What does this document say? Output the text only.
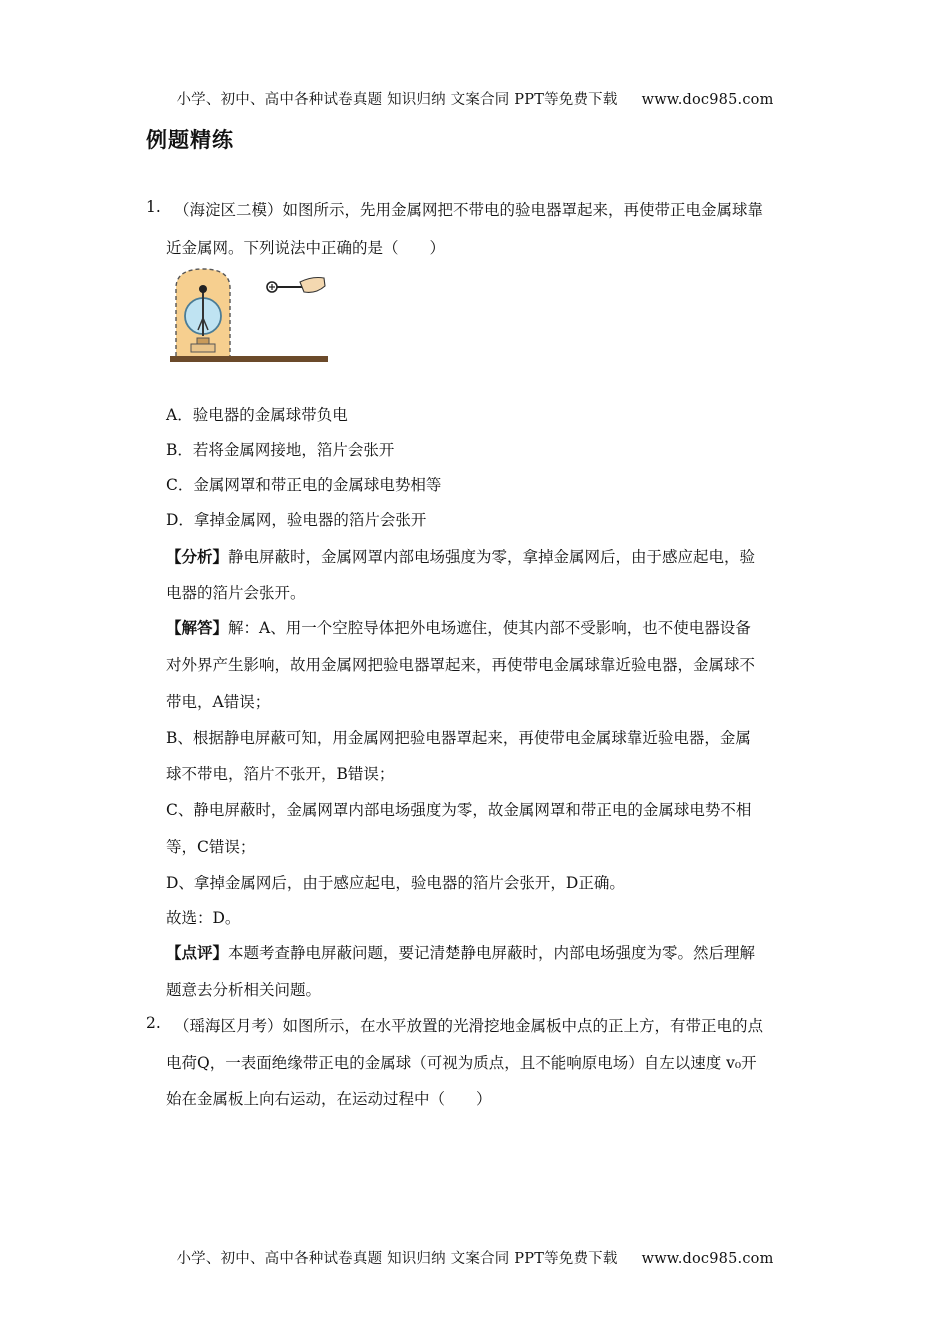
小学、初中、高中各种试卷真题 知识归纳 文案合同 PPT等免费下载 www.doc985.com
例题精练
1. （海淀区二模）如图所示，先用金属网把不带电的验电器罩起来，再使带正电金属球靠
近金属网。下列说法中正确的是（　　）
A．验电器的金属球带负电
B．若将金属网接地，箔片会张开
C．金属网罩和带正电的金属球电势相等
D．拿掉金属网，验电器的箔片会张开
【分析】静电屏蔽时，金属网罩内部电场强度为零，拿掉金属网后，由于感应起电，验
电器的箔片会张开。
【解答】解：A、用一个空腔导体把外电场遮住，使其内部不受影响，也不使电器设备
对外界产生影响，故用金属网把验电器罩起来，再使带电金属球靠近验电器，金属球不
带电，A错误；
B、根据静电屏蔽可知，用金属网把验电器罩起来，再使带电金属球靠近验电器，金属
球不带电，箔片不张开，B错误；
C、静电屏蔽时，金属网罩内部电场强度为零，故金属网罩和带正电的金属球电势不相
等，C错误；
D、拿掉金属网后，由于感应起电，验电器的箔片会张开，D正确。
故选：D。
【点评】本题考查静电屏蔽问题，要记清楚静电屏蔽时，内部电场强度为零。然后理解
题意去分析相关问题。
2. （瑶海区月考）如图所示，在水平放置的光滑挖地金属板中点的正上方，有带正电的点
电荷Q，一表面绝缘带正电的金属球（可视为质点，且不能响原电场）自左以速度 v₀开
始在金属板上向右运动，在运动过程中（　　）
小学、初中、高中各种试卷真题 知识归纳 文案合同 PPT等免费下载 www.doc985.com
